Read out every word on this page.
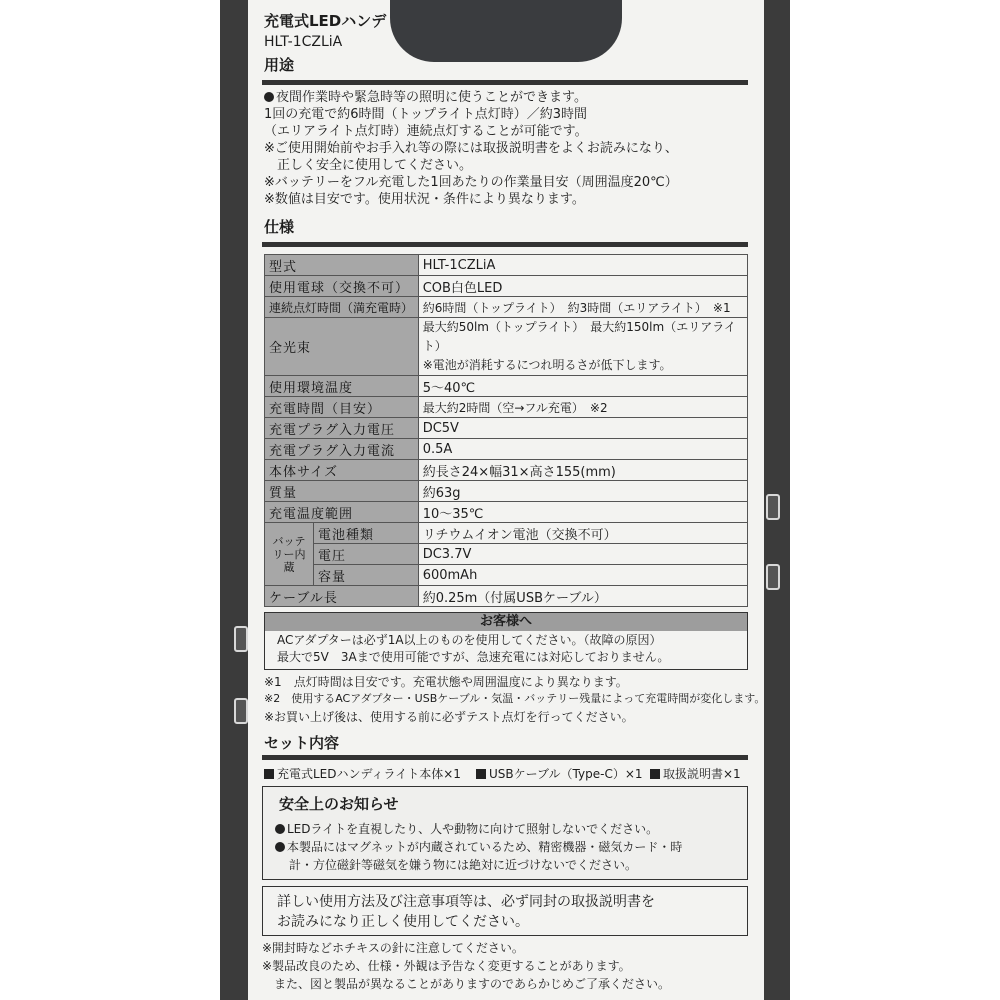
充電式LEDハンデ
HLT-1CZLiA
用途
夜間作業時や緊急時等の照明に使うことができます。
1回の充電で約6時間（トップライト点灯時）／約3時間
（エリアライト点灯時）連続点灯することが可能です。
※ご使用開始前やお手入れ等の際には取扱説明書をよくお読みになり、
　正しく安全に使用してください。
※バッテリーをフル充電した1回あたりの作業量目安（周囲温度20℃）
※数値は目安です。使用状況・条件により異なります。
仕様
型式		HLT-1CZLiA
使用電球（交換不可）		COB白色LED
連続点灯時間（満充電時）		約6時間（トップライト）　約3時間（エリアライト）　※1
全光束		最大約50lm（トップライト）　最大約150lm（エリアライト）
※電池が消耗するにつれ明るさが低下します。

使用環境温度		5〜40℃
充電時間（目安）		最大約2時間（空→フル充電）　※2
充電プラグ入力電圧		DC5V
充電プラグ入力電流		0.5A
本体サイズ		約長さ24×幅31×高さ155(mm)
質量		約63g
充電温度範囲		10〜35℃
バッテリー内蔵	電池種類	リチウムイオン電池（交換不可）
	電圧	DC3.7V
	容量	600mAh
ケーブル長		約0.25m（付属USBケーブル）
お客様へ
ACアダプターは必ず1A以上のものを使用してください。（故障の原因）
最大で5V　3Aまで使用可能ですが、急速充電には対応しておりません。
※1　点灯時間は目安です。充電状態や周囲温度により異なります。
※2　使用するACアダプター・USBケーブル・気温・バッテリー残量によって充電時間が変化します。
※お買い上げ後は、使用する前に必ずテスト点灯を行ってください。
セット内容
充電式LEDハンディライト本体×1	USBケーブル（Type-C）×1	取扱説明書×1
安全上のお知らせ
LEDライトを直視したり、人や動物に向けて照射しないでください。
本製品にはマグネットが内蔵されているため、精密機器・磁気カード・時
計・方位磁針等磁気を嫌う物には絶対に近づけないでください。
詳しい使用方法及び注意事項等は、必ず同封の取扱説明書を
お読みになり正しく使用してください。
※開封時などホチキスの針に注意してください。
※製品改良のため、仕様・外観は予告なく変更することがあります。
　また、図と製品が異なることがありますのであらかじめご了承ください。
